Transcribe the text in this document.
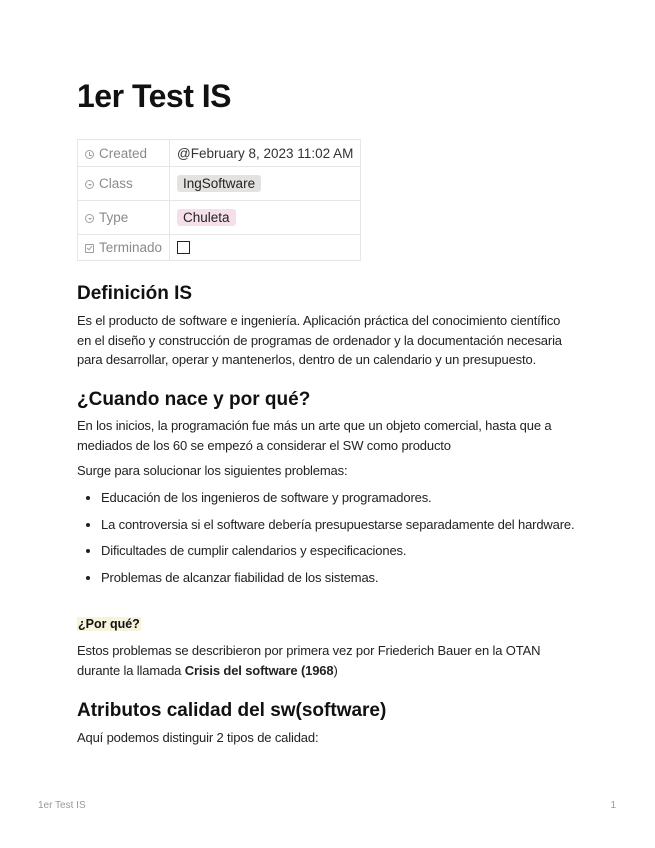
1er Test IS
Created	@February 8, 2023 11:02 AM
Class	IngSoftware
Type	Chuleta
Terminado	
Definición IS

Es el producto de software e ingeniería. Aplicación práctica del conocimiento científico en el diseño y construcción de programas de ordenador y la documentación necesaria para desarrollar, operar y mantenerlos, dentro de un calendario y un presupuesto.

¿Cuando nace y por qué?

En los inicios, la programación fue más un arte que un objeto comercial, hasta que a mediados de los 60 se empezó a considerar el SW como producto

Surge para solucionar los siguientes problemas:

• Educación de los ingenieros de software y programadores.
• La controversia si el software debería presupuestarse separadamente del hardware.
• Dificultades de cumplir calendarios y especificaciones.
• Problemas de alcanzar fiabilidad de los sistemas.
¿Por qué?

Estos problemas se describieron por primera vez por Friederich Bauer en la OTAN durante la llamada Crisis del software (1968)

Atributos calidad del sw(software)

Aquí podemos distinguir 2 tipos de calidad:

1er Test IS	1
